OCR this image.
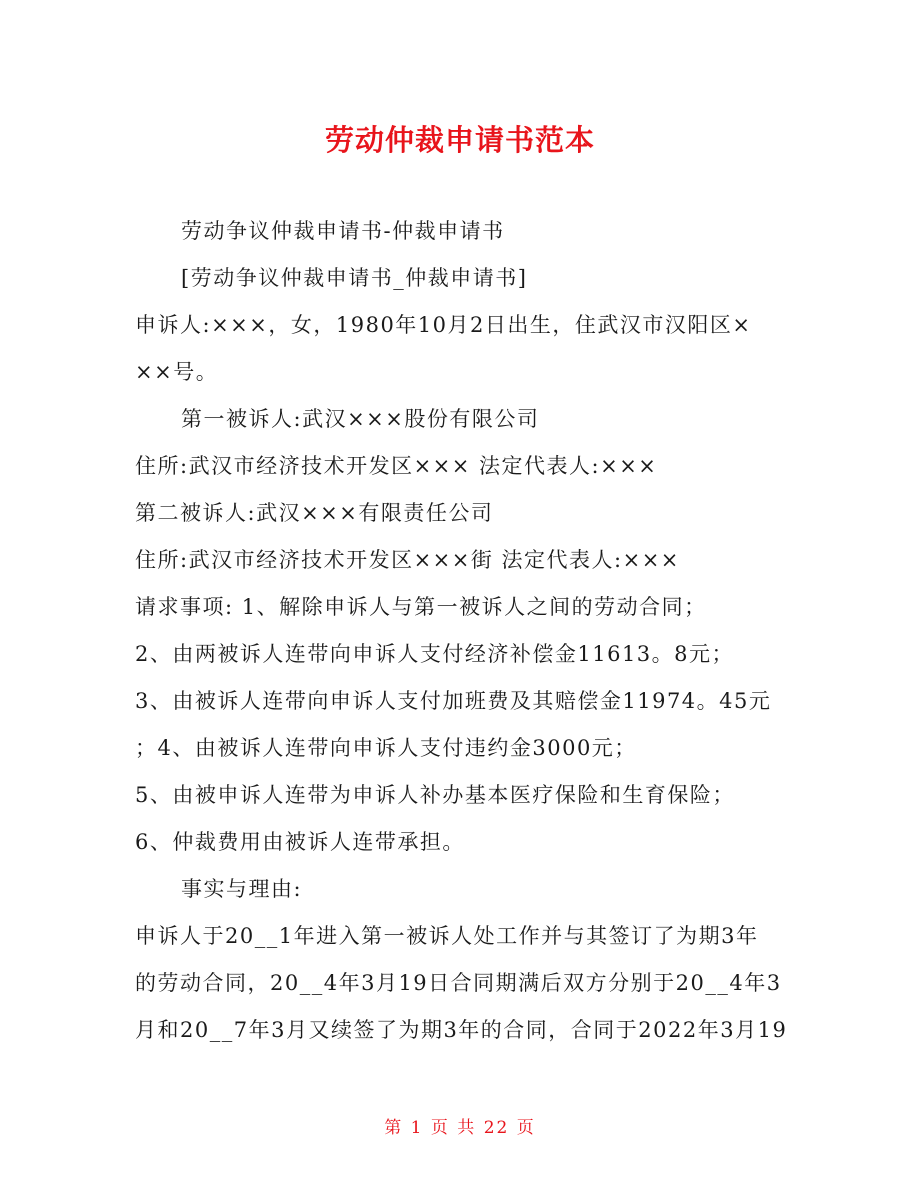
劳动仲裁申请书范本
劳动争议仲裁申请书-仲裁申请书
[劳动争议仲裁申请书_仲裁申请书]
申诉人:×××，女，1980年10月2日出生，住武汉市汉阳区×
××号。
第一被诉人:武汉×××股份有限公司
住所:武汉市经济技术开发区××× 法定代表人:×××
第二被诉人:武汉×××有限责任公司
住所:武汉市经济技术开发区×××街 法定代表人:×××
请求事项: 1、解除申诉人与第一被诉人之间的劳动合同；
2、由两被诉人连带向申诉人支付经济补偿金11613。8元；
3、由被诉人连带向申诉人支付加班费及其赔偿金11974。45元
；4、由被诉人连带向申诉人支付违约金3000元；
5、由被申诉人连带为申诉人补办基本医疗保险和生育保险；
6、仲裁费用由被诉人连带承担。
事实与理由:
申诉人于20__1年进入第一被诉人处工作并与其签订了为期3年
的劳动合同，20__4年3月19日合同期满后双方分别于20__4年3
月和20__7年3月又续签了为期3年的合同，合同于2022年3月19
第 1 页 共 22 页
